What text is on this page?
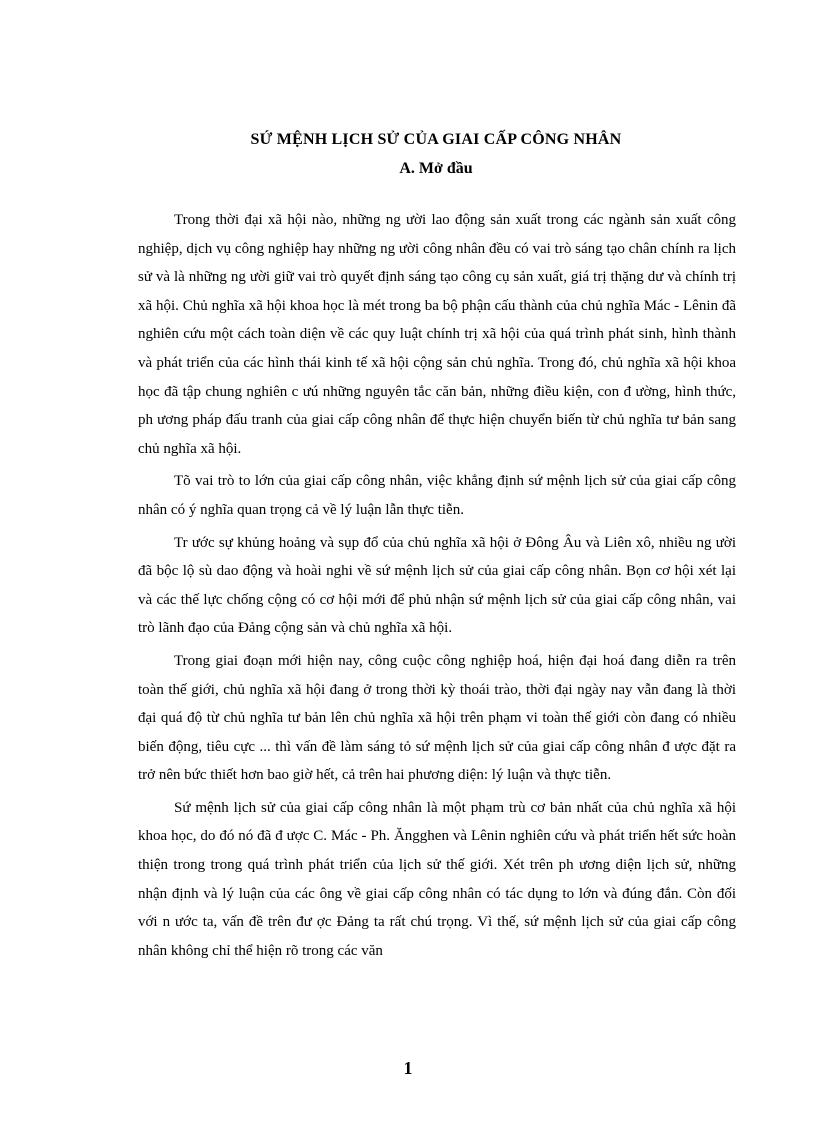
SỨ MỆNH LỊCH SỬ CỦA GIAI CẤP CÔNG NHÂN
A. Mở đầu

Trong thời đại xã hội nào, những ng ười lao động sản xuất trong các ngành sản xuất công nghiệp, dịch vụ công nghiệp hay những ng ười công nhân đều có vai trò sáng tạo chân chính ra lịch sử và là những ng ười giữ vai trò quyết định sáng tạo công cụ sản xuất, giá trị thặng dư và chính trị xã hội. Chủ nghĩa xã hội khoa học là mét trong ba bộ phận cấu thành của chủ nghĩa Mác - Lênin đã nghiên cứu một cách toàn diện về các quy luật chính trị xã hội của quá trình phát sinh, hình thành và phát triển của các hình thái kinh tế xã hội cộng sản chủ nghĩa. Trong đó, chủ nghĩa xã hội khoa học đã tập chung nghiên c ưú những nguyên tắc căn bản, những điều kiện, con đ ường, hình thức, ph ương pháp đấu tranh của giai cấp công nhân để thực hiện chuyển biến từ chủ nghĩa tư bản sang chủ nghĩa xã hội.

Tõ vai trò to lớn của giai cấp công nhân, việc khẳng định sứ mệnh lịch sử của giai cấp công nhân có ý nghĩa quan trọng cả về lý luận lẫn thực tiễn.

Tr ước sự khủng hoảng và sụp đổ của chủ nghĩa xã hội ở Đông Âu và Liên xô, nhiều ng ười đã bộc lộ sù dao động và hoài nghi về sứ mệnh lịch sử của giai cấp công nhân. Bọn cơ hội xét lại và các thế lực chống cộng có cơ hội mới để phủ nhận sứ mệnh lịch sử của giai cấp công nhân, vai trò lãnh đạo của Đảng cộng sản và chủ nghĩa xã hội.

Trong giai đoạn mới hiện nay, công cuộc công nghiệp hoá, hiện đại hoá đang diễn ra trên toàn thế giới, chủ nghĩa xã hội đang ở trong thời kỳ thoái trào, thời đại ngày nay vẫn đang là thời đại quá độ từ chủ nghĩa tư bản lên chủ nghĩa xã hội trên phạm vi toàn thế giới còn đang có nhiều biến động, tiêu cực ... thì vấn đề làm sáng tỏ sứ mệnh lịch sử của giai cấp công nhân đ ược đặt ra trở nên bức thiết hơn bao giờ hết, cả trên hai phương diện: lý luận và thực tiễn.

Sứ mệnh lịch sử của giai cấp công nhân là một phạm trù cơ bản nhất của chủ nghĩa xã hội khoa học, do đó nó đã đ ược C. Mác - Ph. Ăngghen và Lênin nghiên cứu và phát triển hết sức hoàn thiện trong trong quá trình phát triển của lịch sử thế giới. Xét trên ph ương diện lịch sử, những nhận định và lý luận của các ông về giai cấp công nhân có tác dụng to lớn và đúng đắn. Còn đối với n ước ta, vấn đề trên đư ợc Đảng ta rất chú trọng. Vì thế, sứ mệnh lịch sử của giai cấp công nhân không chỉ thể hiện rõ trong các văn

1
